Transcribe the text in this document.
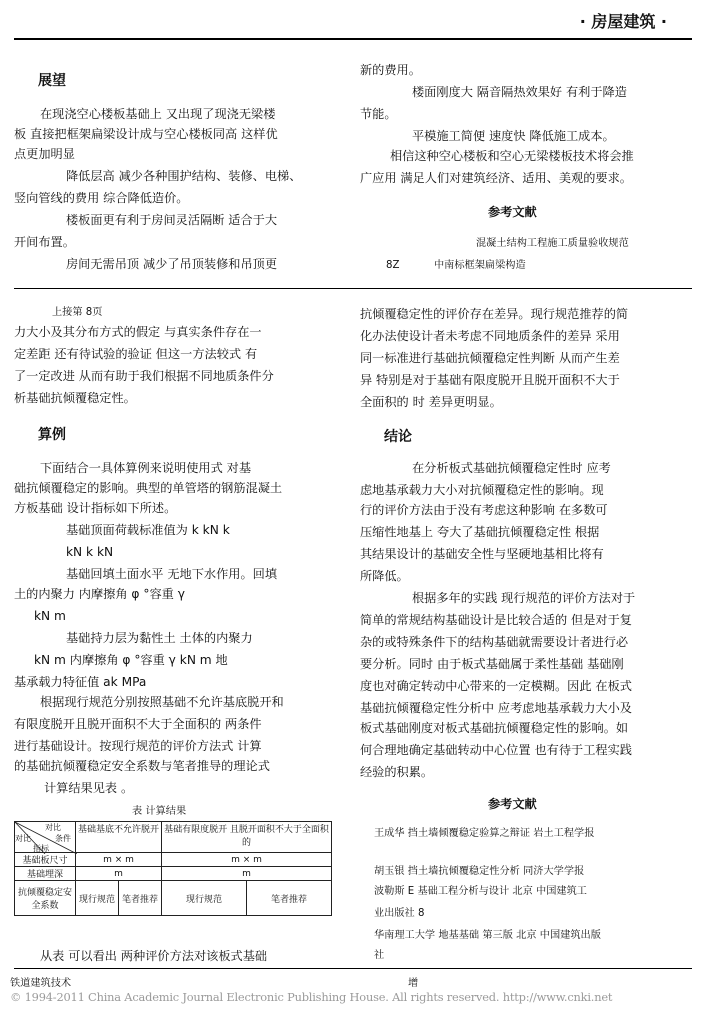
· 房屋建筑 ·
展望
在现浇空心楼板基础上 又出现了现浇无梁楼
板 直接把框架扁梁设计成与空心楼板同高 这样优
点更加明显
降低层高 减少各种围护结构、装修、电梯、
竖向管线的费用 综合降低造价。
楼板面更有利于房间灵活隔断 适合于大
开间布置。
房间无需吊顶 减少了吊顶装修和吊顶更
新的费用。
楼面刚度大 隔音隔热效果好 有利于降造
节能。
平模施工简便 速度快 降低施工成本。
相信这种空心楼板和空心无梁楼板技术将会推
广应用 满足人们对建筑经济、适用、美观的要求。
参考文献
混凝土结构工程施工质量验收规范
8Z	中南标框架扁梁构造
上接第 8页
力大小及其分布方式的假定 与真实条件存在一
定差距 还有待试验的验证 但这一方法较式 有
了一定改进 从而有助于我们根据不同地质条件分
析基础抗倾覆稳定性。
算例
下面结合一具体算例来说明使用式 对基
础抗倾覆稳定的影响。典型的单管塔的钢筋混凝土
方板基础 设计指标如下所述。
基础顶面荷载标准值为 k kN k
kN k kN
基础回填土面水平 无地下水作用。回填
土的内聚力 内摩擦角 φ °容重 γ
kN m
基础持力层为黏性土 土体的内聚力
kN m 内摩擦角 φ °容重 γ kN m 地
基承载力特征值 ak MPa
根据现行规范分别按照基础不允许基底脱开和
有限度脱开且脱开面积不大于全面积的 两条件
进行基础设计。按现行规范的评价方法式 计算
的基础抗倾覆稳定安全系数与笔者推导的理论式
计算结果见表 。
表 计算结果
对比
条件
对比
指标	基础基底不允许脱开		基础有限度脱开 且脱开面积不大于全面积的	
基础板尺寸	m × m		m × m	
基础埋深	m		m	
抗倾覆稳定安全系数	现行规范	笔者推荐	现行规范	笔者推荐
从表 可以看出 两种评价方法对该板式基础
抗倾覆稳定性的评价存在差异。现行规范推荐的简
化办法使设计者未考虑不同地质条件的差异 采用
同一标准进行基础抗倾覆稳定性判断 从而产生差
异 特别是对于基础有限度脱开且脱开面积不大于
全面积的 时 差异更明显。
结论
在分析板式基础抗倾覆稳定性时 应考
虑地基承载力大小对抗倾覆稳定性的影响。现
行的评价方法由于没有考虑这种影响 在多数可
压缩性地基上 夸大了基础抗倾覆稳定性 根据
其结果设计的基础安全性与坚硬地基相比将有
所降低。
根据多年的实践 现行规范的评价方法对于
简单的常规结构基础设计是比较合适的 但是对于复
杂的或特殊条件下的结构基础就需要设计者进行必
要分析。同时 由于板式基础属于柔性基础 基础刚
度也对确定转动中心带来的一定模糊。因此 在板式
基础抗倾覆稳定性分析中 应考虑地基承载力大小及
板式基础刚度对板式基础抗倾覆稳定性的影响。如
何合理地确定基础转动中心位置 也有待于工程实践
经验的积累。
参考文献
王成华 挡土墙倾覆稳定验算之辩证 岩土工程学报
胡玉银 挡土墙抗倾覆稳定性分析 同济大学学报
波勒斯 E 基础工程分析与设计 北京 中国建筑工
业出版社 8
华南理工大学 地基基础 第三版 北京 中国建筑出版
社
铁道建筑技术	增
© 1994-2011 China Academic Journal Electronic Publishing House. All rights reserved. http://www.cnki.net
